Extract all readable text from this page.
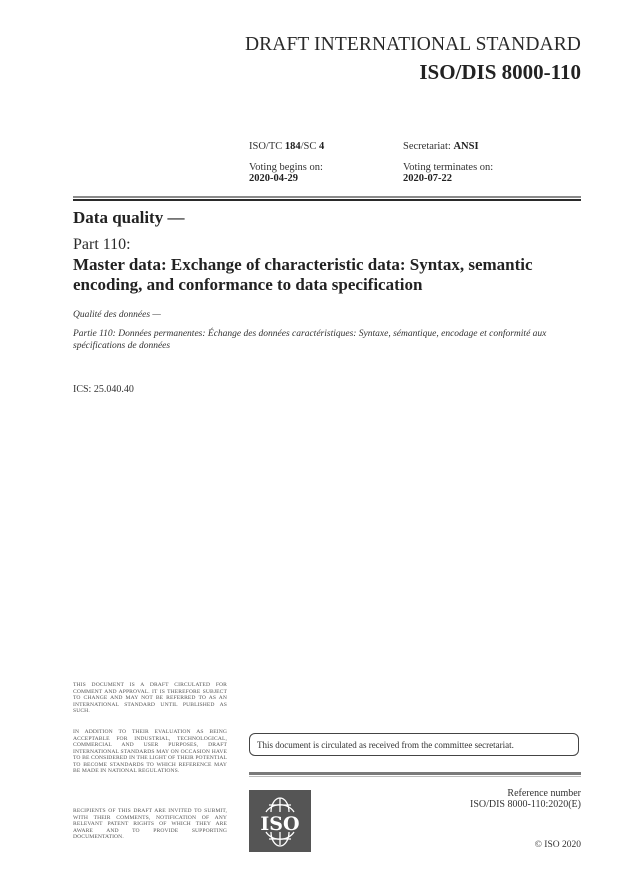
DRAFT INTERNATIONAL STANDARD
ISO/DIS 8000-110
ISO/TC 184/SC 4	Secretariat: ANSI
Voting begins on:
2020-04-29
Voting terminates on:
2020-07-22
Data quality —
Part 110:
Master data: Exchange of characteristic data: Syntax, semantic encoding, and conformance to data specification
Qualité des données —
Partie 110: Données permanentes: Échange des données caractéristiques: Syntaxe, sémantique, encodage et conformité aux spécifications de données
ICS: 25.040.40
THIS DOCUMENT IS A DRAFT CIRCULATED FOR COMMENT AND APPROVAL. IT IS THEREFORE SUBJECT TO CHANGE AND MAY NOT BE REFERRED TO AS AN INTERNATIONAL STANDARD UNTIL PUBLISHED AS SUCH.
IN ADDITION TO THEIR EVALUATION AS BEING ACCEPTABLE FOR INDUSTRIAL, TECHNOLOGICAL, COMMERCIAL AND USER PURPOSES, DRAFT INTERNATIONAL STANDARDS MAY ON OCCASION HAVE TO BE CONSIDERED IN THE LIGHT OF THEIR POTENTIAL TO BECOME STANDARDS TO WHICH REFERENCE MAY BE MADE IN NATIONAL REGULATIONS.
RECIPIENTS OF THIS DRAFT ARE INVITED TO SUBMIT, WITH THEIR COMMENTS, NOTIFICATION OF ANY RELEVANT PATENT RIGHTS OF WHICH THEY ARE AWARE AND TO PROVIDE SUPPORTING DOCUMENTATION.
This document is circulated as received from the committee secretariat.
ISO
Reference number
ISO/DIS 8000-110:2020(E)
© ISO 2020
